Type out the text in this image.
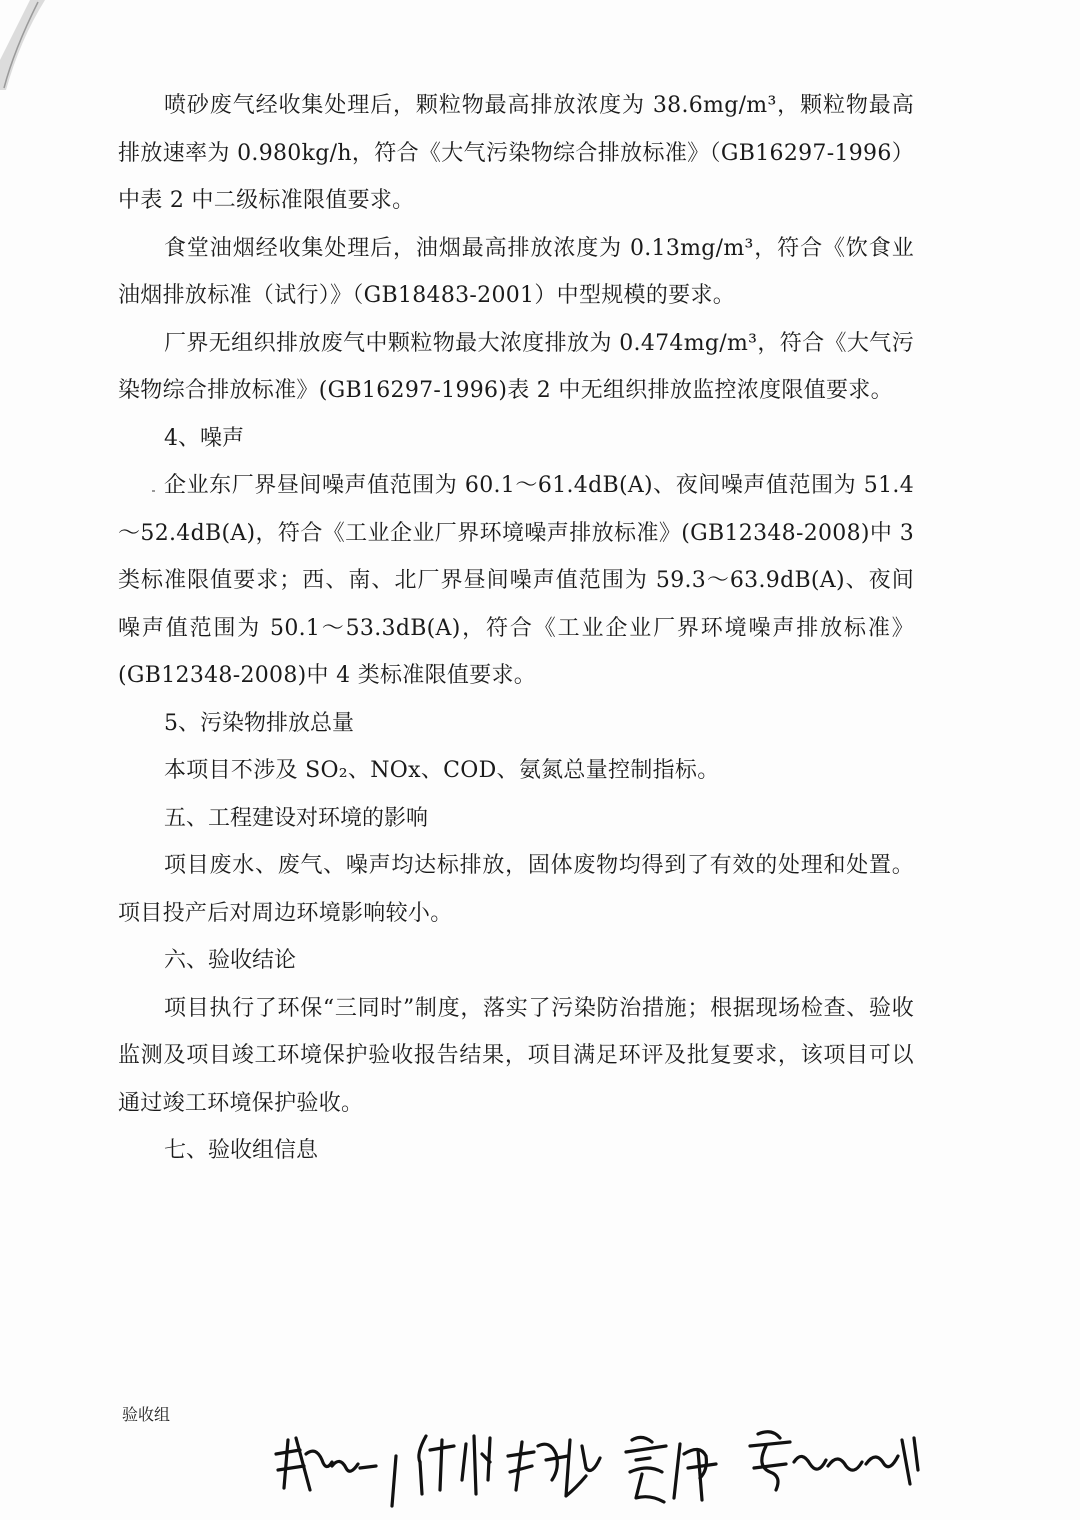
喷砂废气经收集处理后，颗粒物最高排放浓度为 38.6mg/m³，颗粒物最高排放速率为 0.980kg/h，符合《大气污染物综合排放标准》（GB16297-1996）中表 2 中二级标准限值要求。

食堂油烟经收集处理后，油烟最高排放浓度为 0.13mg/m³，符合《饮食业油烟排放标准（试行）》（GB18483-2001）中型规模的要求。

厂界无组织排放废气中颗粒物最大浓度排放为 0.474mg/m³，符合《大气污染物综合排放标准》(GB16297-1996)表 2 中无组织排放监控浓度限值要求。

4、噪声

企业东厂界昼间噪声值范围为 60.1～61.4dB(A)、夜间噪声值范围为 51.4～52.4dB(A)，符合《工业企业厂界环境噪声排放标准》(GB12348-2008)中 3 类标准限值要求；西、南、北厂界昼间噪声值范围为 59.3～63.9dB(A)、夜间噪声值范围为 50.1～53.3dB(A)，符合《工业企业厂界环境噪声排放标准》(GB12348-2008)中 4 类标准限值要求。

5、污染物排放总量

本项目不涉及 SO₂、NOx、COD、氨氮总量控制指标。

五、工程建设对环境的影响

项目废水、废气、噪声均达标排放，固体废物均得到了有效的处理和处置。项目投产后对周边环境影响较小。

六、验收结论

项目执行了环保“三同时”制度，落实了污染防治措施；根据现场检查、验收监测及项目竣工环境保护验收报告结果，项目满足环评及批复要求，该项目可以通过竣工环境保护验收。

七、验收组信息

验收组
